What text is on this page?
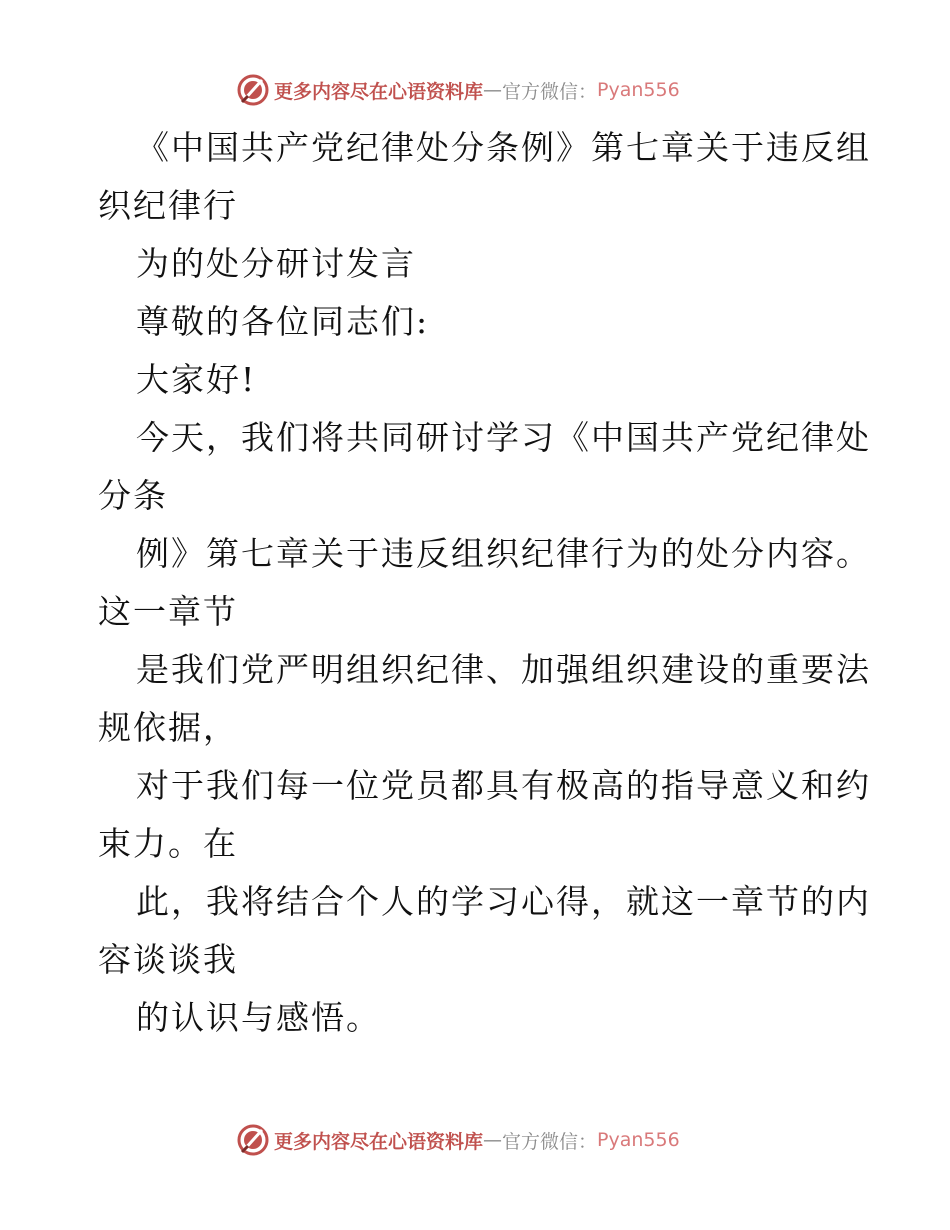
更多内容尽在心语资料库 — 官方微信： Pyan556
《中国共产党纪律处分条例》第七章关于违反组
织纪律行
为的处分研讨发言
尊敬的各位同志们:
大家好!
今天，我们将共同研讨学习《中国共产党纪律处
分条
例》第七章关于违反组织纪律行为的处分内容。
这一章节
是我们党严明组织纪律、加强组织建设的重要法
规依据，
对于我们每一位党员都具有极高的指导意义和约
束力。在
此，我将结合个人的学习心得，就这一章节的内
容谈谈我
的认识与感悟。
更多内容尽在心语资料库 — 官方微信： Pyan556
